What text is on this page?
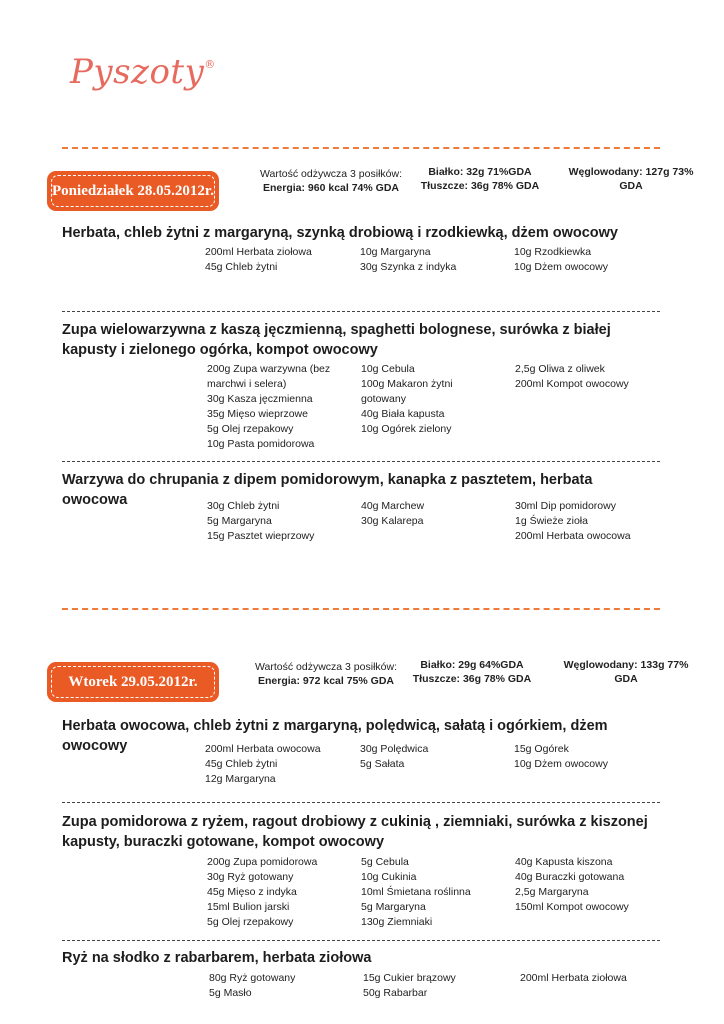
Pyszoty®
Poniedziałek 28.05.2012r.
Wartość odżywcza 3 posiłków: Energia: 960 kcal 74% GDA
Białko: 32g 71%GDA
Tłuszcze: 36g 78% GDA
Węglowodany: 127g 73% GDA
Herbata, chleb żytni z margaryną, szynką drobiową i rzodkiewką, dżem owocowy
200ml Herbata ziołowa
45g Chleb żytni
10g Margaryna
30g Szynka z indyka
10g Rzodkiewka
10g Dżem owocowy
Zupa wielowarzywna z kaszą jęczmienną, spaghetti bolognese, surówka z białej kapusty i zielonego ogórka, kompot owocowy
200g Zupa warzywna (bez marchwi i selera)
30g Kasza jęczmienna
35g Mięso wieprzowe
5g Olej rzepakowy
10g Pasta pomidorowa
10g Cebula
100g Makaron żytni gotowany
40g Biała kapusta
10g Ogórek zielony
2,5g Oliwa z oliwek
200ml Kompot owocowy
Warzywa do chrupania z dipem pomidorowym, kanapka z pasztetem, herbata owocowa	30g Chleb żytni
5g Margaryna
15g Pasztet wieprzowy
40g Marchew
30g Kalarepa
30ml Dip pomidorowy
1g Świeże zioła
200ml Herbata owocowa
Wtorek 29.05.2012r.
Wartość odżywcza 3 posiłków: Energia: 972 kcal 75% GDA
Białko: 29g 64%GDA
Tłuszcze: 36g 78% GDA
Węglowodany: 133g 77% GDA
Herbata owocowa, chleb żytni z margaryną, polędwicą, sałatą i ogórkiem, dżem owocowy	200ml Herbata owocowa
45g Chleb żytni
12g Margaryna
30g Polędwica
5g Sałata
15g Ogórek
10g Dżem owocowy
Zupa pomidorowa z ryżem, ragout drobiowy z cukinią , ziemniaki, surówka z kiszonej kapusty, buraczki gotowane, kompot owocowy
200g Zupa pomidorowa
30g Ryż gotowany
45g Mięso z indyka
15ml Bulion jarski
5g Olej rzepakowy
5g Cebula
10g Cukinia
10ml Śmietana roślinna
5g Margaryna
130g Ziemniaki
40g Kapusta kiszona
40g Buraczki gotowana
2,5g Margaryna
150ml Kompot owocowy
Ryż na słodko z rabarbarem, herbata ziołowa
80g Ryż gotowany
5g Masło
15g Cukier brązowy
50g Rabarbar
200ml Herbata ziołowa
